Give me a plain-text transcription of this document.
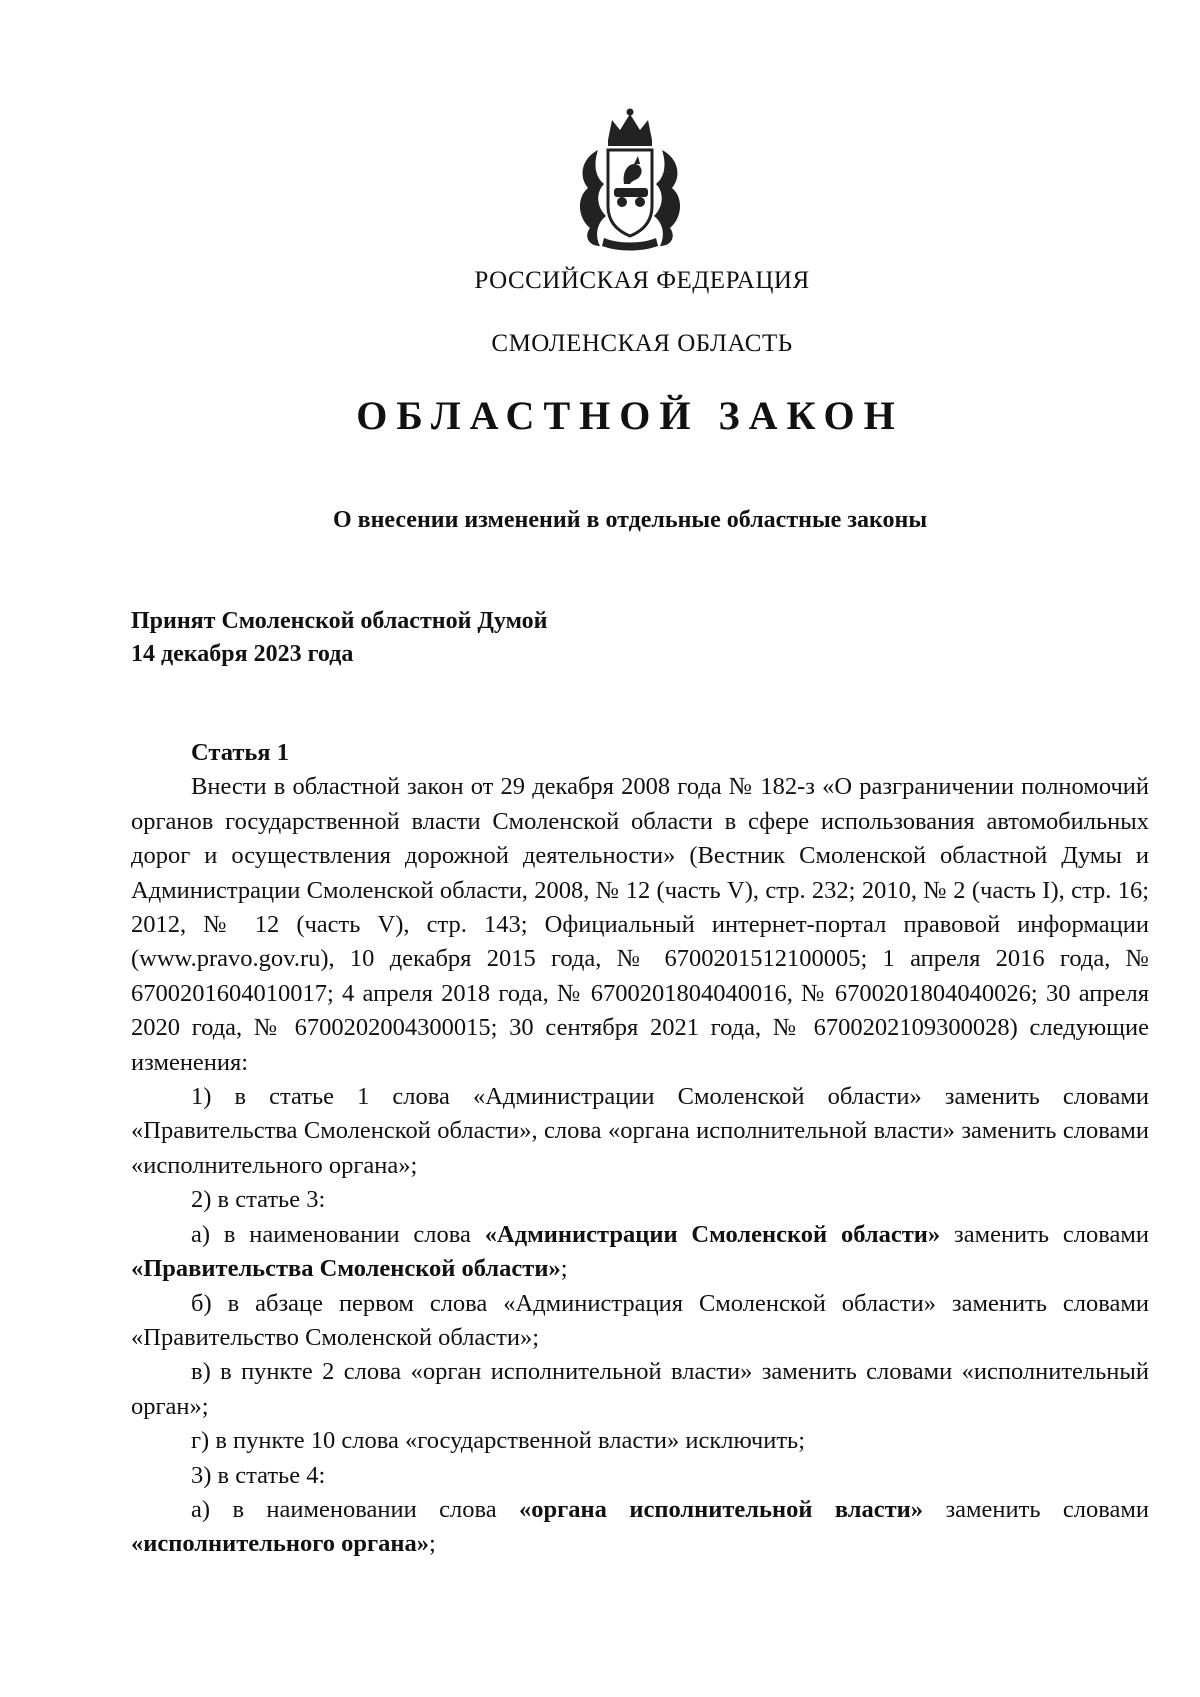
РОССИЙСКАЯ ФЕДЕРАЦИЯ
СМОЛЕНСКАЯ ОБЛАСТЬ
ОБЛАСТНОЙ ЗАКОН
О внесении изменений в отдельные областные законы
Принят Смоленской областной Думой
14 декабря 2023 года

Статья 1

Внести в областной закон от 29 декабря 2008 года № 182-з «О разграничении полномочий органов государственной власти Смоленской области в сфере использования автомобильных дорог и осуществления дорожной деятельности» (Вестник Смоленской областной Думы и Администрации Смоленской области, 2008, № 12 (часть V), стр. 232; 2010, № 2 (часть I), стр. 16; 2012, № 12 (часть V), стр. 143; Официальный интернет-портал правовой информации (www.pravo.gov.ru), 10 декабря 2015 года, № 6700201512100005; 1 апреля 2016 года, № 6700201604010017; 4 апреля 2018 года, № 6700201804040016, № 6700201804040026; 30 апреля 2020 года, № 6700202004300015; 30 сентября 2021 года, № 6700202109300028) следующие изменения:

1) в статье 1 слова «Администрации Смоленской области» заменить словами «Правительства Смоленской области», слова «органа исполнительной власти» заменить словами «исполнительного органа»;

2) в статье 3:

а) в наименовании слова «Администрации Смоленской области» заменить словами «Правительства Смоленской области»;

б) в абзаце первом слова «Администрация Смоленской области» заменить словами «Правительство Смоленской области»;

в) в пункте 2 слова «орган исполнительной власти» заменить словами «исполнительный орган»;

г) в пункте 10 слова «государственной власти» исключить;

3) в статье 4:

а) в наименовании слова «органа исполнительной власти» заменить словами «исполнительного органа»;
